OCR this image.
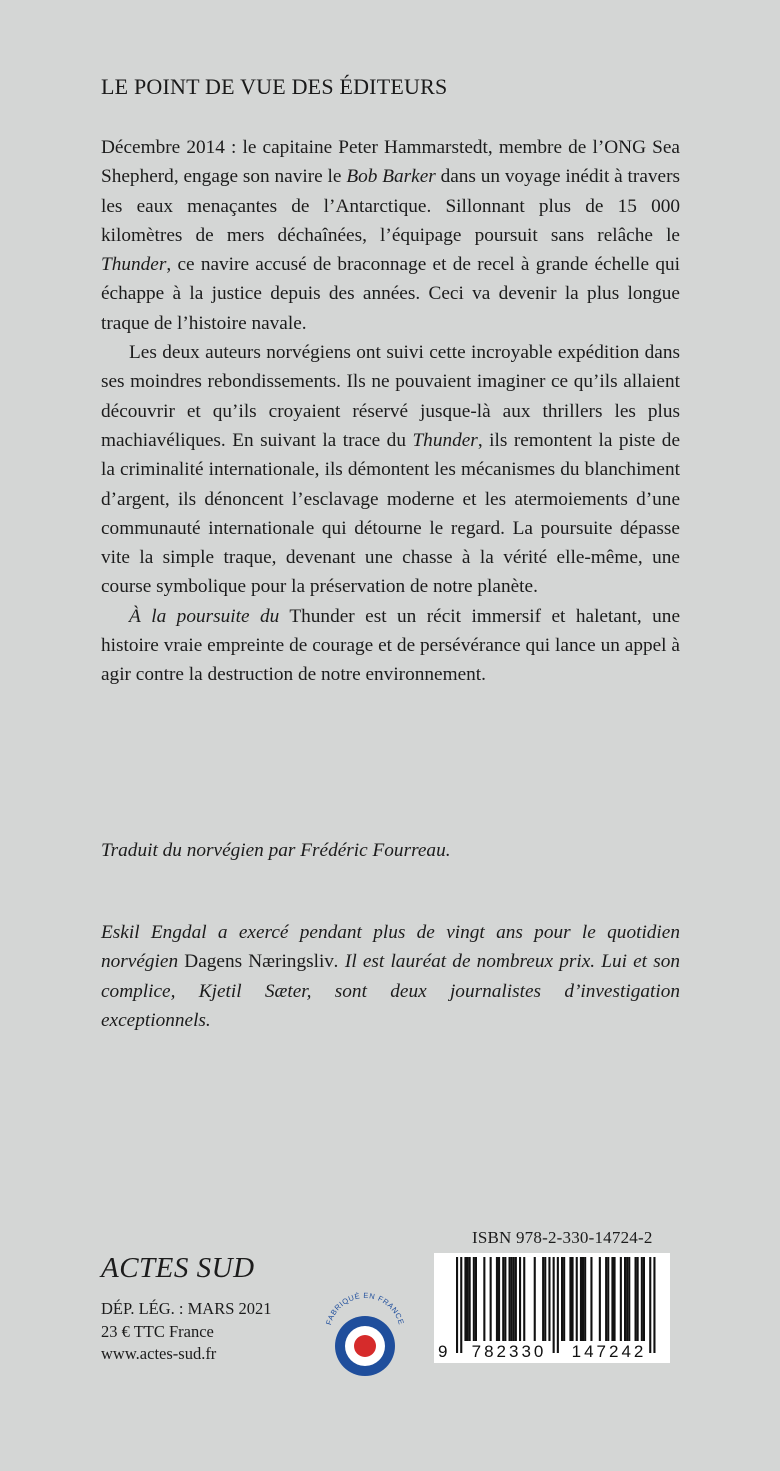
LE POINT DE VUE DES ÉDITEURS

Décembre 2014 : le capitaine Peter Hammarstedt, membre de l’ONG Sea Shepherd, engage son navire le Bob Barker dans un voyage inédit à travers les eaux menaçantes de l’Antarctique. Sillonnant plus de 15 000 kilomètres de mers déchaînées, l’équipage poursuit sans relâche le Thunder, ce navire accusé de braconnage et de recel à grande échelle qui échappe à la justice depuis des années. Ceci va devenir la plus longue traque de l’histoire navale.

Les deux auteurs norvégiens ont suivi cette incroyable expédition dans ses moindres rebondissements. Ils ne pouvaient imaginer ce qu’ils allaient découvrir et qu’ils croyaient réservé jusque-là aux thrillers les plus machiavéliques. En suivant la trace du Thunder, ils remontent la piste de la criminalité internationale, ils démontent les mécanismes du blanchiment d’argent, ils dénoncent l’esclavage moderne et les atermoiements d’une communauté internationale qui détourne le regard. La poursuite dépasse vite la simple traque, devenant une chasse à la vérité elle-même, une course symbolique pour la préservation de notre planète.

À la poursuite du Thunder est un récit immersif et haletant, une histoire vraie empreinte de courage et de persévérance qui lance un appel à agir contre la destruction de notre environnement.

Traduit du norvégien par Frédéric Fourreau.
Eskil Engdal a exercé pendant plus de vingt ans pour le quotidien norvégien Dagens Næringsliv. Il est lauréat de nombreux prix. Lui et son complice, Kjetil Sæter, sont deux journalistes d’investigation exceptionnels.
ACTES SUD
DÉP. LÉG. : MARS 2021
23 € TTC France
www.actes-sud.fr
FABRIQUÉ EN FRANCE
ISBN 978-2-330-14724-2
9 782330 147242
